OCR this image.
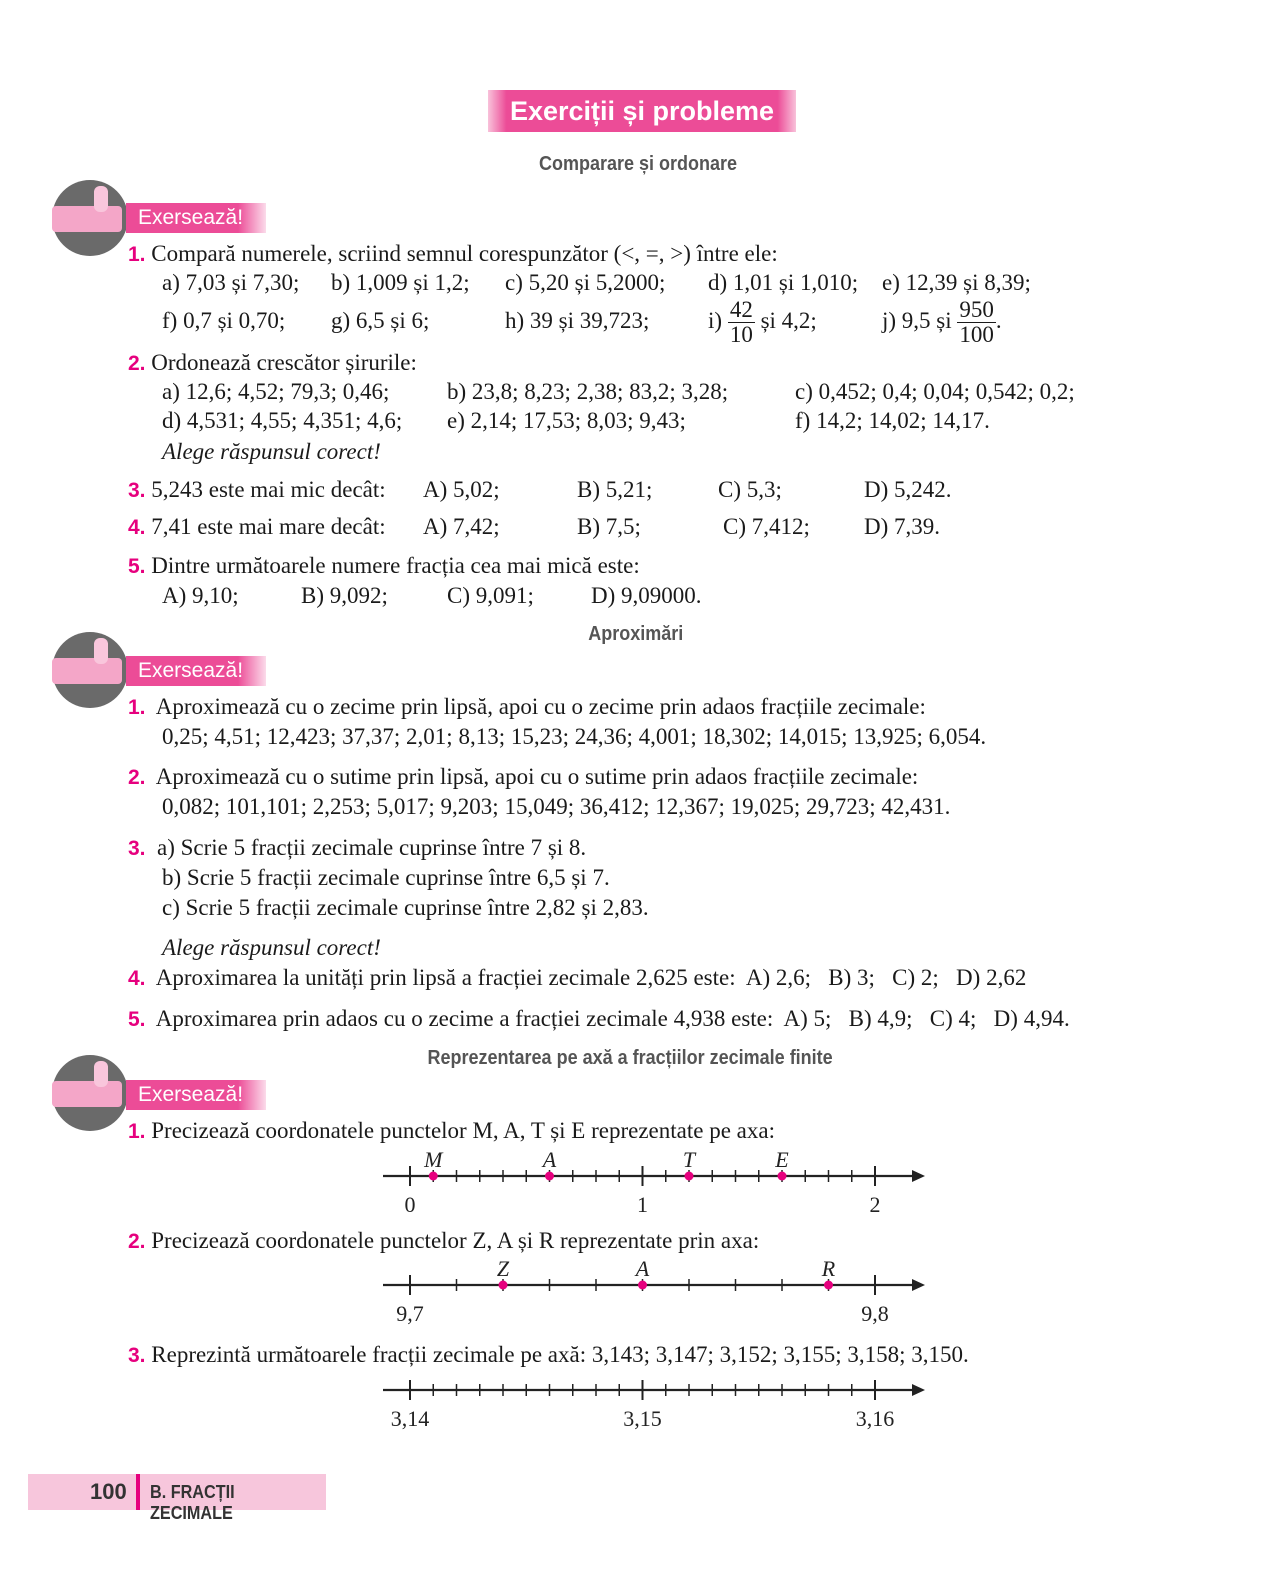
Exerciții și probleme
Comparare și ordonare
Exersează!
1. Compară numerele, scriind semnul corespunzător (<, =, >) între ele:
a) 7,03 și 7,30; b) 1,009 și 1,2; c) 5,20 și 5,2000; d) 1,01 și 1,010; e) 12,39 și 8,39;
f) 0,7 și 0,70; g) 6,5 și 6;	h) 39 și 39,723;	$i) \frac{42}{10}$ și 4,2;	j) 9,5 și $\frac{950}{100}$ .
2. Ordonează crescător șirurile:
a) 12,6; 4,52; 79,3; 0,46;	b) 23,8; 8,23; 2,38; 83,2; 3,28;	c) 0,452; 0,4; 0,04; 0,542; 0,2;
d) 4,531; 4,55; 4,351; 4,6; e) 2,14; 17,53; 8,03; 9,43;	f) 14,2; 14,02; 14,17.
Alege răspunsul corect!
3. 5,243 este mai mic decât: A) 5,02;	B) 5,21;	C) 5,3;	D) 5,242.
4. 7,41 este mai mare decât: A) 7,42;	B) 7,5;	C) 7,412; D) 7,39.
5. Dintre următoarele numere fracția cea mai mică este:
A) 9,10;	B) 9,092;	C) 9,091; D) 9,09000.
Aproximări
Exersează!
1. Aproximează cu o zecime prin lipsă, apoi cu o zecime prin adaos fracțiile zecimale:
0,25; 4,51; 12,423; 37,37; 2,01; 8,13; 15,23; 24,36; 4,001; 18,302; 14,015; 13,925; 6,054.
2. Aproximează cu o sutime prin lipsă, apoi cu o sutime prin adaos fracțiile zecimale:
0,082; 101,101; 2,253; 5,017; 9,203; 15,049; 36,412; 12,367; 19,025; 29,723; 42,431.
3. a) Scrie 5 fracții zecimale cuprinse între 7 și 8.
b) Scrie 5 fracții zecimale cuprinse între 6,5 și 7.
c) Scrie 5 fracții zecimale cuprinse între 2,82 și 2,83.
Alege răspunsul corect!
4. Aproximarea la unități prin lipsă a fracției zecimale 2,625 este:  A) 2,6;   B) 3;   C) 2;   D) 2,62
5. Aproximarea prin adaos cu o zecime a fracției zecimale 4,938 este:  A) 5;   B) 4,9;   C) 4;   D) 4,94.
Reprezentarea pe axă a fracțiilor zecimale finite
Exersează!
1. Precizează coordonatele punctelor M, A, T și E reprezentate pe axa:
0	1	2
M	A	T	E
2. Precizează coordonatele punctelor Z, A și R reprezentate prin axa:
9,7	9,8
Z	A	R
3. Reprezintă următoarele fracții zecimale pe axă: 3,143; 3,147; 3,152; 3,155; 3,158; 3,150.
3,14	3,15	3,16
100 B. FRACȚII ZECIMALE
